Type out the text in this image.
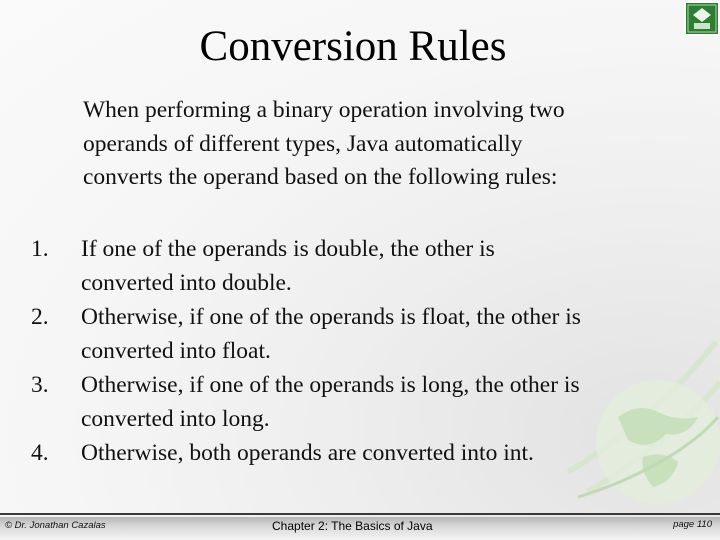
Conversion Rules
When performing a binary operation involving two
operands of different types, Java automatically
converts the operand based on the following rules:
1. If one of the operands is double, the other is
converted into double.
2. Otherwise, if one of the operands is float, the other is
converted into float.
3. Otherwise, if one of the operands is long, the other is
converted into long.
4. Otherwise, both operands are converted into int.
© Dr. Jonathan Cazalas	Chapter 2: The Basics of Java	page 110
